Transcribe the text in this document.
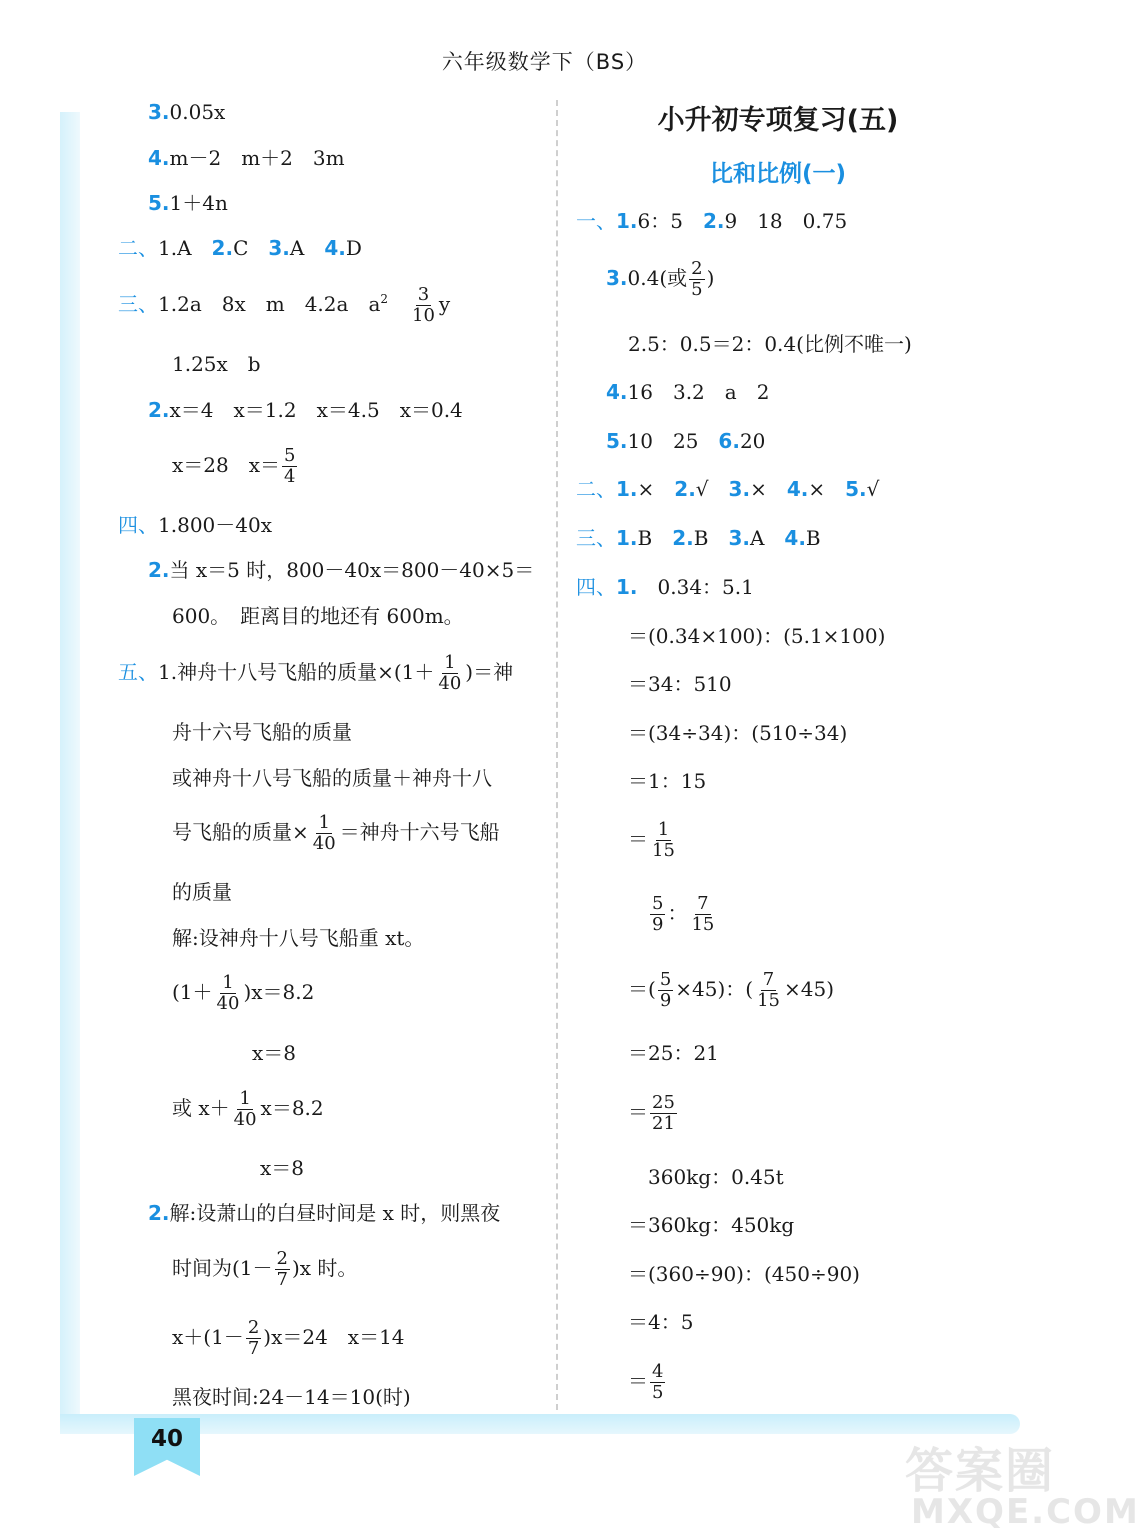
六年级数学下（BS）
40
3.0.05x
4.m－2　m＋2　3m
5.1＋4n
二、1.A　 2.C　 3.A　 4.D
三、1.2a　8x　m　4.2a　$a^2$　 $\frac{3}{10}$ y
1.25x　b
2.x＝4　x＝1.2　x＝4.5　x＝0.4
x＝28　$x= \frac{5}{4}$
四、1.800－40x
2.当 x＝5 时，800－40x＝800－40×5＝
600。　距离目的地还有 600m。
五、1.神舟十八号飞船的质量$\times(1+ \frac{1}{40}$ )＝神
舟十六号飞船的质量
或神舟十八号飞船的质量＋神舟十八
号飞船的质量× $\frac{1}{40}$ ＝神舟十六号飞船
的质量
解:设神舟十八号飞船重 xt。
$(1+ \frac{1}{40} )x=8.2$
x＝8
或 $x+ \frac{1}{40} x=8.2$
x＝8
2.解:设萧山的白昼时间是 x 时，则黑夜
时间为$(1- \frac{2}{7} )x$ 时。
$x+(1- \frac{2}{7} )x=24$　x＝14
黑夜时间:24－14＝10(时)
小升初专项复习(五)
比和比例(一)
一、1.6：5　 2.9　18　0.75
3.0.4(或 $\frac{2}{5}$ )
2.5：0.5＝2：0.4(比例不唯一)
4.16　3.2　a　2
5.10　25　 6.20
二、1.×　 2.√　 3.×　 4.×　 5.√
三、1.B　 2.B　 3.A　 4.B
四、1.　 0.34：5.1
＝(0.34×100)：(5.1×100)
＝34：510
＝(34÷34)：(510÷34)
＝1：15
＝ $\frac{1}{15}$
$\frac{5}{9}$ ： $\frac{7}{15}$
＝( $\frac{5}{9} \times 45$)：( $\frac{7}{15} \times 45$)
＝25：21
＝ $\frac{25}{21}$
360kg：0.45t
＝360kg：450kg
＝(360÷90)：(450÷90)
＝4：5
＝ $\frac{4}{5}$
答案圈
MXQE.COM
